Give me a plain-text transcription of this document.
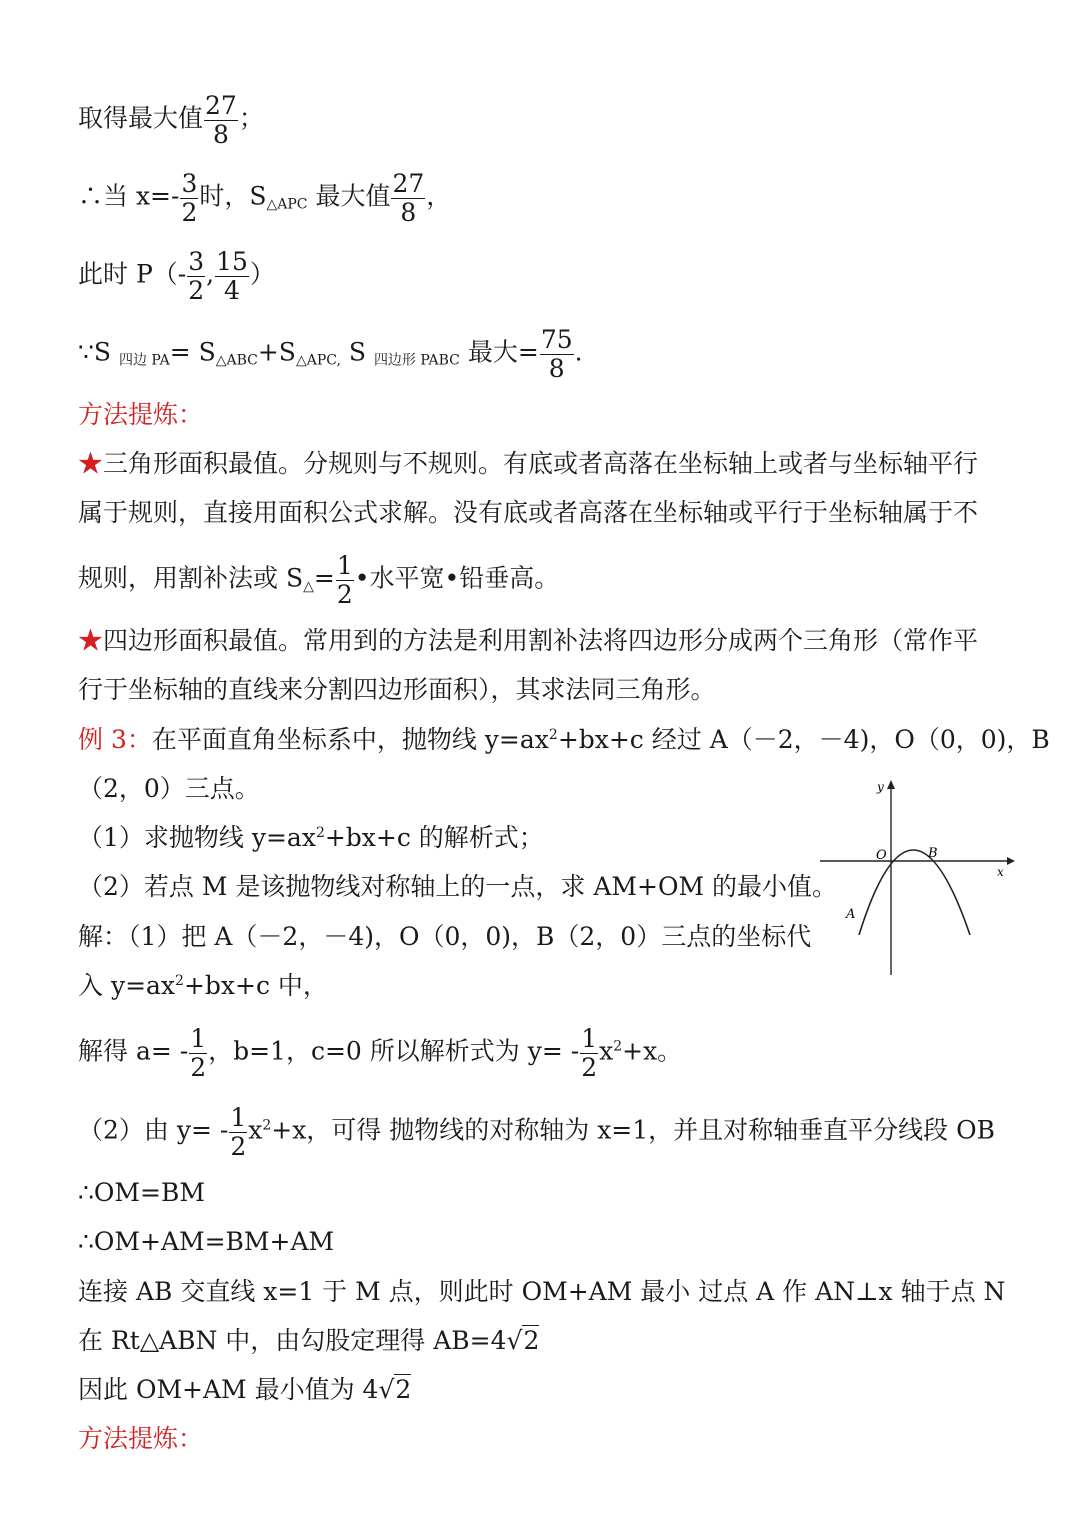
取得最大值 $\frac{27}{8}$ ；
∴当 $x=- \frac{3}{2}$ 时，$S_{\triangle APC}$ 最大值 $\frac{27}{8}$ ，
此时 $P(- \frac{3}{2}$ , $\frac{15}{4}$ ）
∵S $_{四边 PA}= S_{\triangle ABC}+S_{\triangle APC,}$ S $_{四边形 PABC}$ 最大= $\frac{75}{8}$ .
方法提炼：
★三角形面积最值。分规则与不规则。有底或者高落在坐标轴上或者与坐标轴平行
属于规则，直接用面积公式求解。没有底或者高落在坐标轴或平行于坐标轴属于不
规则，用割补法或 $S_\triangle= \frac{1}{2}$ •水平宽•铅垂高。
★四边形面积最值。常用到的方法是利用割补法将四边形分成两个三角形（常作平
行于坐标轴的直线来分割四边形面积），其求法同三角形。
例 3：在平面直角坐标系中，抛物线 $y=ax^2+bx+c$ 经过 A（－2，－4)，O（0，0)，B
（2，0）三点。
（1）求抛物线 $y=ax^2+bx+c$ 的解析式；
（2）若点 M 是该抛物线对称轴上的一点，求 AM+OM 的最小值。
解：（1）把 A（－2，－4)，O（0，0)，B（2，0）三点的坐标代
入 $y=ax^2+bx+c$ 中，
解得 $a= - \frac{1}{2}$ ，b=1，c=0 所以解析式为 $y= - \frac{1}{2} x^2+x$。
（2）由 $y= - \frac{1}{2} x^2+x$，可得 抛物线的对称轴为 x=1，并且对称轴垂直平分线段 OB
∴OM=BM
∴OM+AM=BM+AM
连接 AB 交直线 x=1 于 M 点，则此时 OM+AM 最小 过点 A 作 AN⊥x 轴于点 N
在 Rt△ABN 中，由勾股定理得 AB=4√2
因此 OM+AM 最小值为 4√2
方法提炼：
y
x
O	B
A
